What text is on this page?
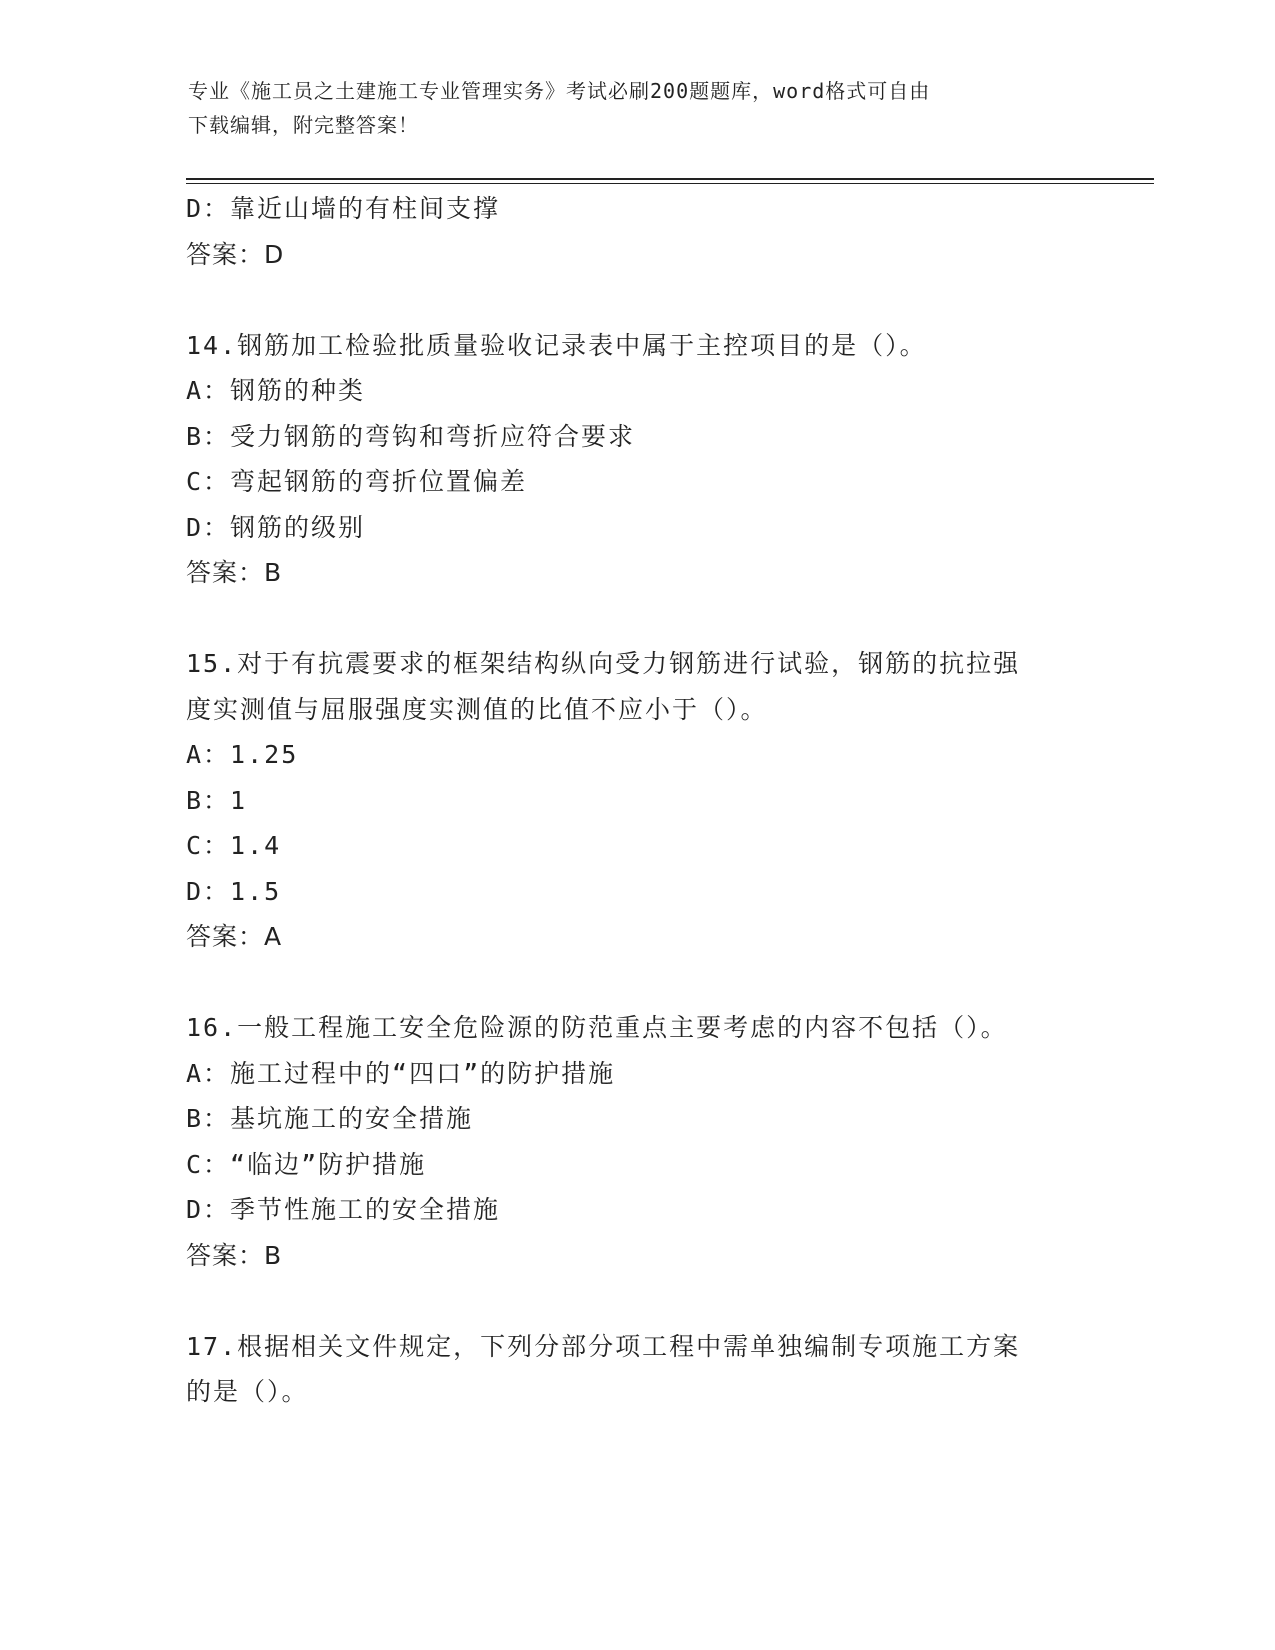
专业《施工员之土建施工专业管理实务》考试必刷200题题库，word格式可自由
下载编辑，附完整答案！
D：靠近山墙的有柱间支撑
答案：D
14.钢筋加工检验批质量验收记录表中属于主控项目的是（）。
A：钢筋的种类
B：受力钢筋的弯钩和弯折应符合要求
C：弯起钢筋的弯折位置偏差
D：钢筋的级别
答案：B
15.对于有抗震要求的框架结构纵向受力钢筋进行试验，钢筋的抗拉强
度实测值与屈服强度实测值的比值不应小于（）。
A：1.25
B：1
C：1.4
D：1.5
答案：A
16.一般工程施工安全危险源的防范重点主要考虑的内容不包括（）。
A：施工过程中的“四口”的防护措施
B：基坑施工的安全措施
C：“临边”防护措施
D：季节性施工的安全措施
答案：B
17.根据相关文件规定，下列分部分项工程中需单独编制专项施工方案
的是（）。
